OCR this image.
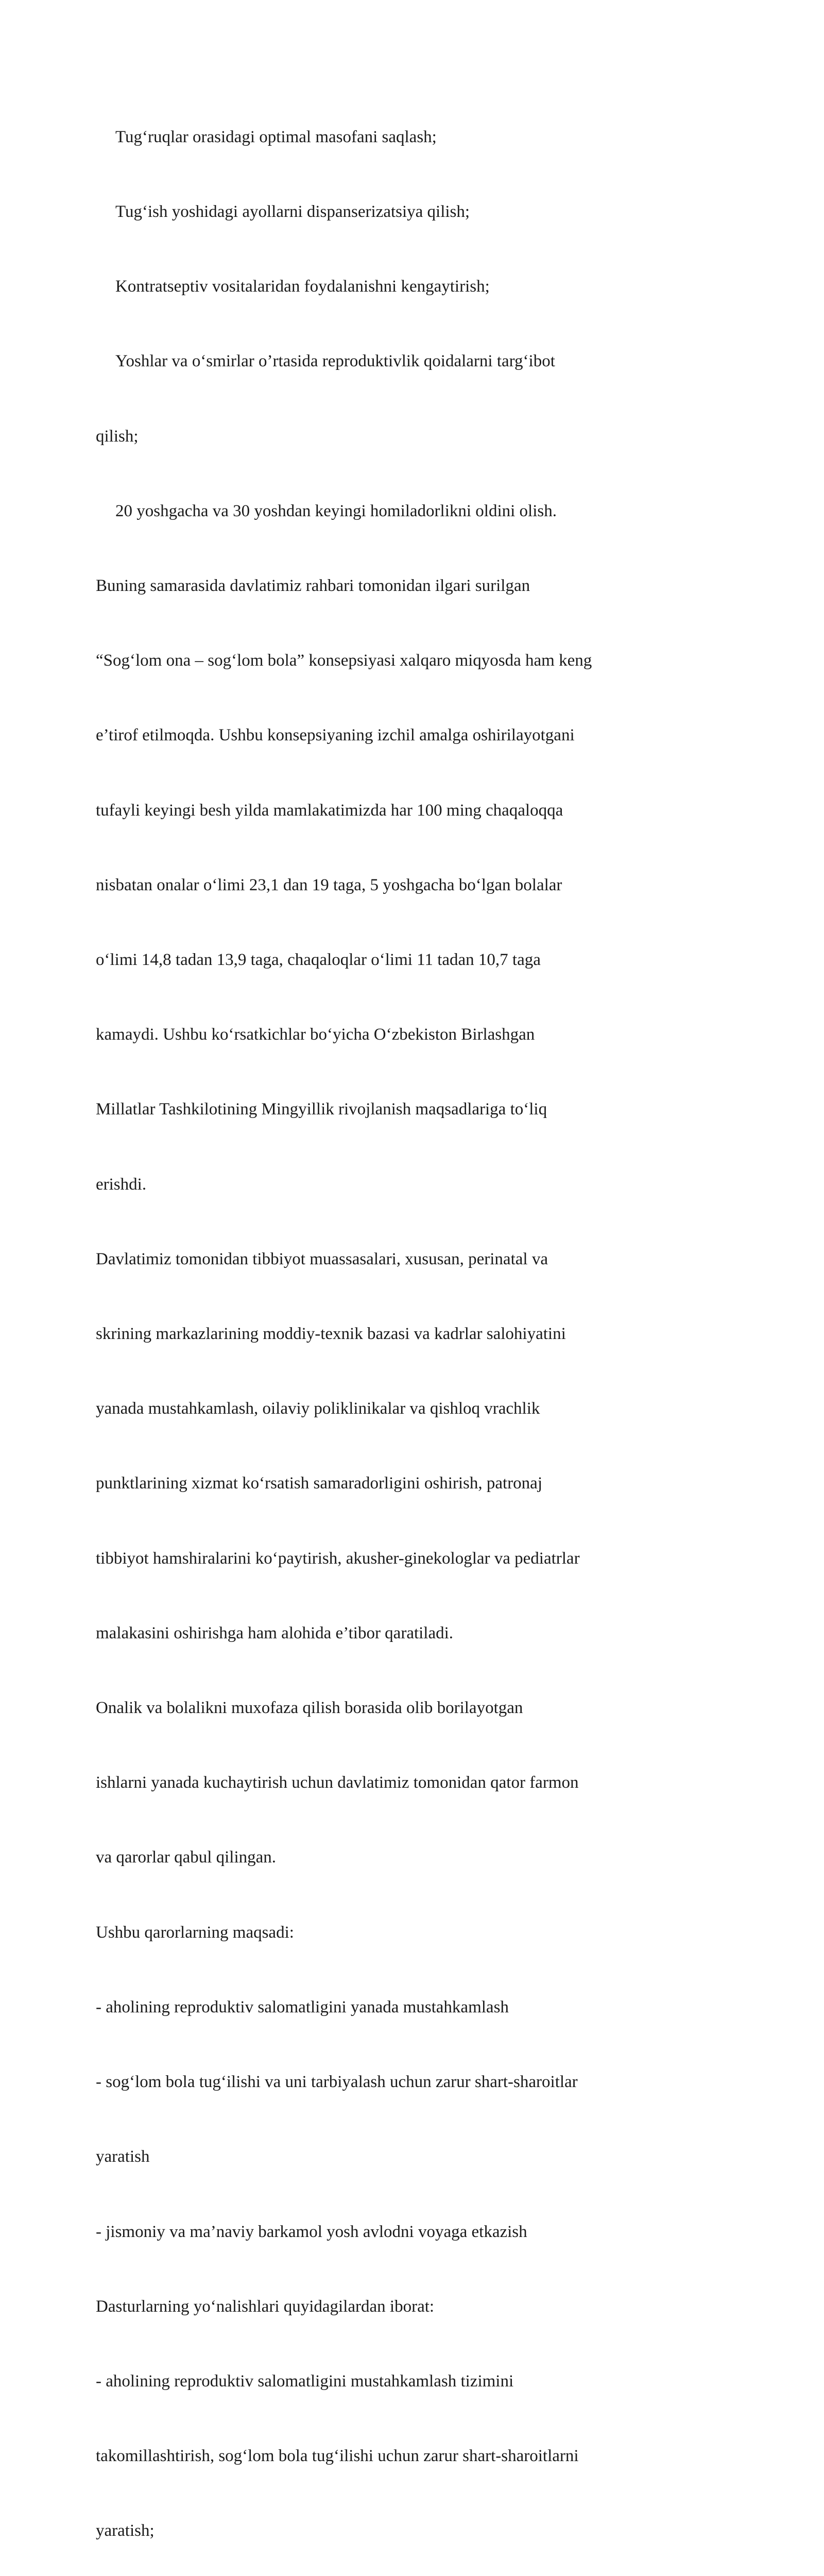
Tug‘ruqlar orasidagi optimal masofani saqlash;

Tug‘ish yoshidagi ayollarni dispanserizatsiya qilish;

Kontratseptiv vositalaridan foydalanishni kengaytirish;

Yoshlar va o‘smirlar o’rtasida reproduktivlik qoidalarni targ‘ibot

qilish;

20 yoshgacha va 30 yoshdan keyingi homiladorlikni oldini olish.

Buning samarasida davlatimiz rahbari tomonidan ilgari surilgan

“Sog‘lom ona – sog‘lom bola” konsepsiyasi xalqaro miqyosda ham keng

e’tirof etilmoqda. Ushbu konsepsiyaning izchil amalga oshirilayotgani

tufayli keyingi besh yilda mamlakatimizda har 100 ming chaqaloqqa

nisbatan onalar o‘limi 23,1 dan 19 taga, 5 yoshgacha bo‘lgan bolalar

o‘limi 14,8 tadan 13,9 taga, chaqaloqlar o‘limi 11 tadan 10,7 taga

kamaydi. Ushbu ko‘rsatkichlar bo‘yicha O‘zbekiston Birlashgan

Millatlar Tashkilotining Mingyillik rivojlanish maqsadlariga to‘liq

erishdi.

Davlatimiz tomonidan tibbiyot muassasalari, xususan, perinatal va

skrining markazlarining moddiy-texnik bazasi va kadrlar salohiyatini

yanada mustahkamlash, oilaviy poliklinikalar va qishloq vrachlik

punktlarining xizmat ko‘rsatish samaradorligini oshirish, patronaj

tibbiyot hamshiralarini ko‘paytirish, akusher-ginekologlar va pediatrlar

malakasini oshirishga ham alohida e’tibor qaratiladi.

Onalik va bolalikni muxofaza qilish borasida olib borilayotgan

ishlarni yanada kuchaytirish uchun davlatimiz tomonidan qator farmon

va qarorlar qabul qilingan.

Ushbu qarorlarning maqsadi:

- aholining reproduktiv salomatligini yanada mustahkamlash

- sog‘lom bola tug‘ilishi va uni tarbiyalash uchun zarur shart-sharoitlar

yaratish

- jismoniy va ma’naviy barkamol yosh avlodni voyaga etkazish

Dasturlarning yo‘nalishlari quyidagilardan iborat:

- aholining reproduktiv salomatligini mustahkamlash tizimini

takomillashtirish, sog‘lom bola tug‘ilishi uchun zarur shart-sharoitlarni

yaratish;
